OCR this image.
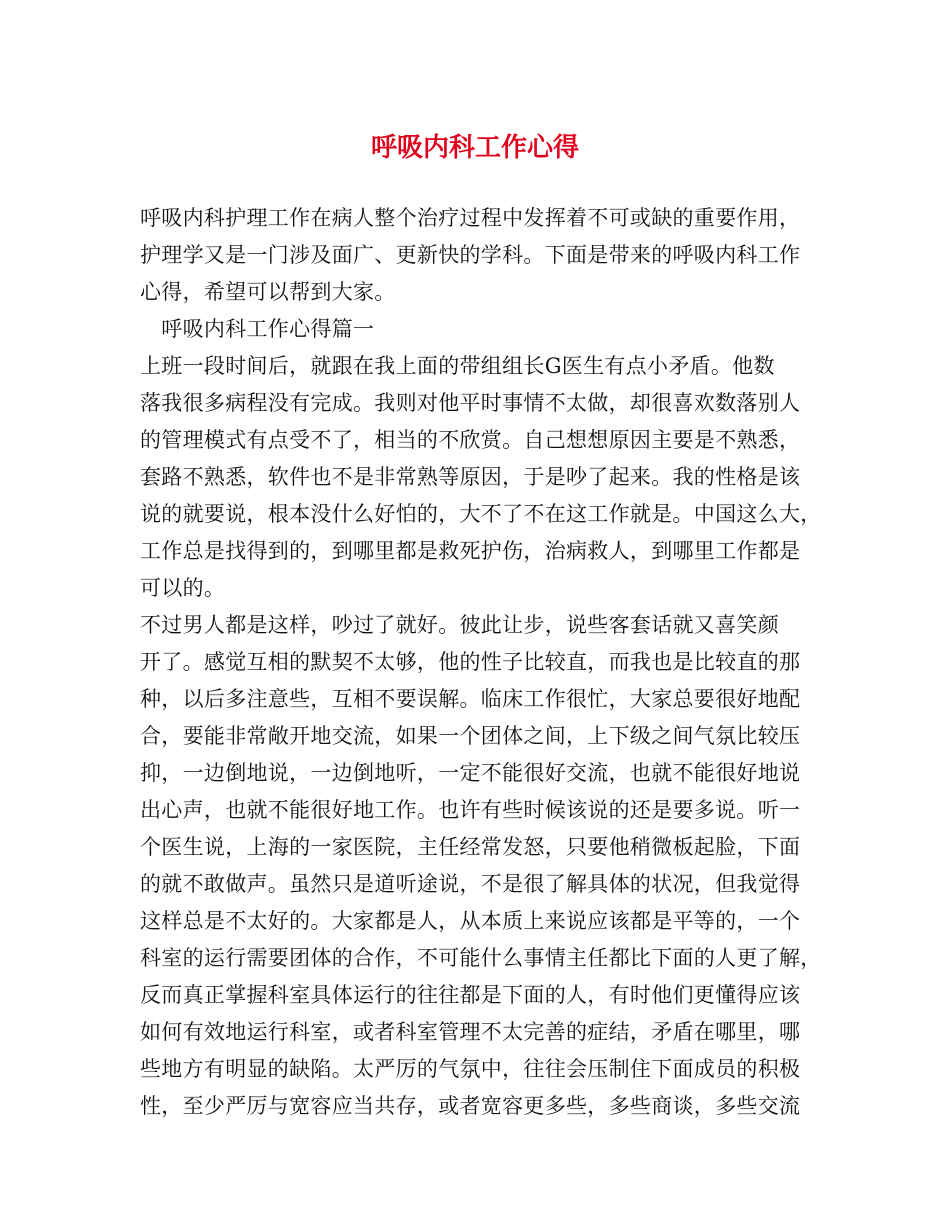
呼吸内科工作心得
呼吸内科护理工作在病人整个治疗过程中发挥着不可或缺的重要作用，
护理学又是一门涉及面广、更新快的学科。下面是带来的呼吸内科工作
心得，希望可以帮到大家。
　呼吸内科工作心得篇一
上班一段时间后，就跟在我上面的带组组长G医生有点小矛盾。他数
落我很多病程没有完成。我则对他平时事情不太做，却很喜欢数落别人
的管理模式有点受不了，相当的不欣赏。自己想想原因主要是不熟悉，
套路不熟悉，软件也不是非常熟等原因，于是吵了起来。我的性格是该
说的就要说，根本没什么好怕的，大不了不在这工作就是。中国这么大，
工作总是找得到的，到哪里都是救死护伤，治病救人，到哪里工作都是
可以的。
不过男人都是这样，吵过了就好。彼此让步，说些客套话就又喜笑颜
开了。感觉互相的默契不太够，他的性子比较直，而我也是比较直的那
种，以后多注意些，互相不要误解。临床工作很忙，大家总要很好地配
合，要能非常敞开地交流，如果一个团体之间，上下级之间气氛比较压
抑，一边倒地说，一边倒地听，一定不能很好交流，也就不能很好地说
出心声，也就不能很好地工作。也许有些时候该说的还是要多说。听一
个医生说，上海的一家医院，主任经常发怒，只要他稍微板起脸，下面
的就不敢做声。虽然只是道听途说，不是很了解具体的状况，但我觉得
这样总是不太好的。大家都是人，从本质上来说应该都是平等的，一个
科室的运行需要团体的合作，不可能什么事情主任都比下面的人更了解，
反而真正掌握科室具体运行的往往都是下面的人，有时他们更懂得应该
如何有效地运行科室，或者科室管理不太完善的症结，矛盾在哪里，哪
些地方有明显的缺陷。太严厉的气氛中，往往会压制住下面成员的积极
性，至少严厉与宽容应当共存，或者宽容更多些，多些商谈，多些交流
